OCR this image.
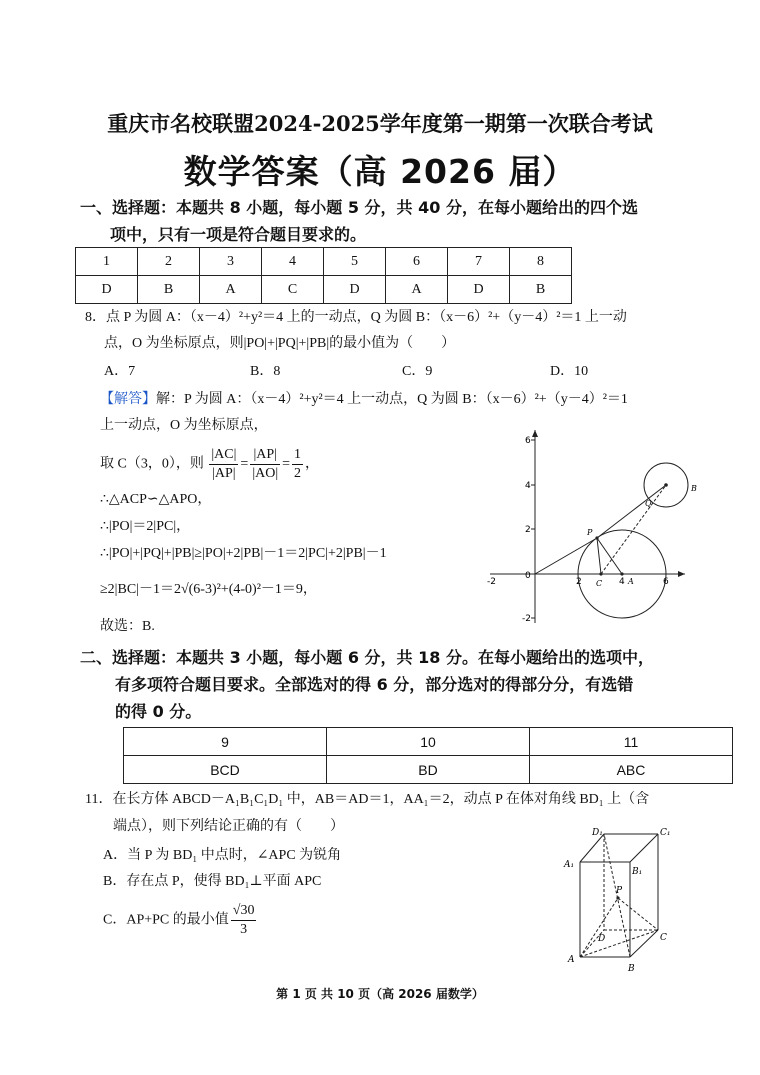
重庆市名校联盟2024-2025学年度第一期第一次联合考试
数学答案（高 2026 届）
一、选择题：本题共 8 小题，每小题 5 分，共 40 分，在每小题给出的四个选
项中，只有一项是符合题目要求的。
1	2	3	4	5	6	7	8
D	B	A	C	D	A	D	B
8．点 P 为圆 A：（x－4）²+y²＝4 上的一动点，Q 为圆 B：（x－6）²+（y－4）²＝1 上一动
点，O 为坐标原点，则|PO|+|PQ|+|PB|的最小值为（　　）
A．7	B．8	C．9	D．10
【解答】解：P 为圆 A：（x－4）²+y²＝4 上一动点，Q 为圆 B：（x－6）²+（y－4）²＝1
上一动点，O 为坐标原点，
取 C（3，0），则 $\frac{|AC|}{|AP|} = \frac{|AP|}{|AO|} = \frac{1}{2}$ ，
∴△ACP∽△APO，
∴|PO|＝2|PC|，
∴|PO|+|PQ|+|PB|≥|PO|+2|PB|－1＝2|PC|+2|PB|－1
≥2|BC|－1＝2√(6-3)²+(4-0)²－1＝9，
故选：B.
6
4
2
0
-2
-2	2	4	6
P
Q
B
C	A
二、选择题：本题共 3 小题，每小题 6 分，共 18 分。在每小题给出的选项中，
有多项符合题目要求。全部选对的得 6 分，部分选对的得部分分，有选错
的得 0 分。
9	10	11
BCD	BD	ABC
11．在长方体 ABCD－A₁B₁C₁D₁ 中，AB＝AD＝1，AA₁＝2，动点 P 在体对角线 BD₁ 上（含
端点），则下列结论正确的有（　　）
A．当 P 为 BD₁ 中点时，∠APC 为锐角
B．存在点 P，使得 BD₁⊥平面 APC
C．AP+PC 的最小值 $\frac{√30}{3}$
D₁	C₁
A₁
B₁
P
D	C
A
B
第 1 页 共 10 页（高 2026 届数学）
